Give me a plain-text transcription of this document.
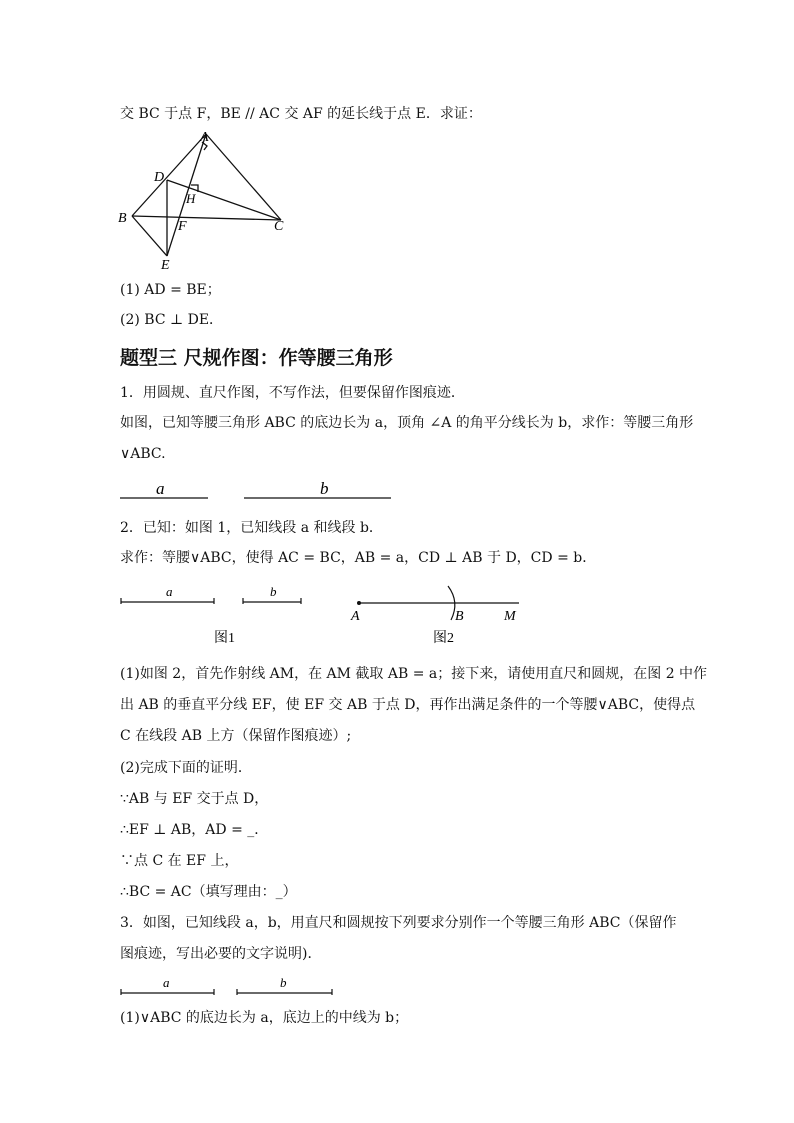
交 BC 于点 F，BE // AC 交 AF 的延长线于点 E．求证：
A
D
H
B
F	C
E
(1) AD = BE；
(2) BC ⊥ DE．
题型三 尺规作图：作等腰三角形
1．用圆规、直尺作图，不写作法，但要保留作图痕迹．
如图，已知等腰三角形 ABC 的底边长为 a，顶角 ∠A 的角平分线长为 b，求作：等腰三角形
∨ABC.
a	b
2．已知：如图 1，已知线段 a 和线段 b．
求作：等腰∨ABC，使得 AC = BC，AB = a，CD ⊥ AB 于 D，CD = b．
a	b
A	B	M
图1	图2
(1)如图 2，首先作射线 AM，在 AM 截取 AB = a；接下来，请使用直尺和圆规，在图 2 中作
出 AB 的垂直平分线 EF，使 EF 交 AB 于点 D，再作出满足条件的一个等腰∨ABC，使得点
C 在线段 AB 上方（保留作图痕迹）;
(2)完成下面的证明．
∵AB 与 EF 交于点 D，
∴EF ⊥ AB，AD = _．
∵点 C 在 EF 上，
∴BC = AC（填写理由：_）
3．如图，已知线段 a，b，用直尺和圆规按下列要求分别作一个等腰三角形 ABC（保留作
图痕迹，写出必要的文字说明)．
a	b
(1)∨ABC 的底边长为 a，底边上的中线为 b；
